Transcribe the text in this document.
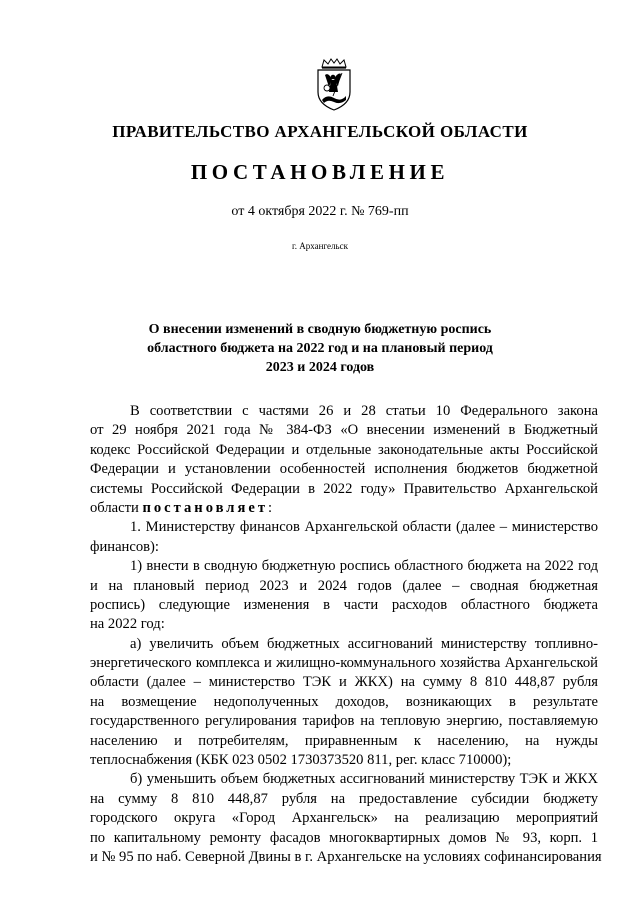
ПРАВИТЕЛЬСТВО АРХАНГЕЛЬСКОЙ ОБЛАСТИ
ПОСТАНОВЛЕНИЕ
от 4 октября 2022 г. № 769-пп
г. Архангельск
О внесении изменений в сводную бюджетную роспись
областного бюджета на 2022 год и на плановый период
2023 и 2024 годов
В соответствии с частями 26 и 28 статьи 10 Федерального закона
от 29 ноября 2021 года № 384-ФЗ «О внесении изменений в Бюджетный
кодекс Российской Федерации и отдельные законодательные акты Российской
Федерации и установлении особенностей исполнения бюджетов бюджетной
системы Российской Федерации в 2022 году» Правительство Архангельской
области постановляет:
1. Министерству финансов Архангельской области (далее – министерство
финансов):
1) внести в сводную бюджетную роспись областного бюджета на 2022 год
и на плановый период 2023 и 2024 годов (далее – сводная бюджетная
роспись) следующие изменения в части расходов областного бюджета
на 2022 год:
а) увеличить объем бюджетных ассигнований министерству топливно-
энергетического комплекса и жилищно-коммунального хозяйства Архангельской
области (далее – министерство ТЭК и ЖКХ) на сумму 8 810 448,87 рубля
на возмещение недополученных доходов, возникающих в результате
государственного регулирования тарифов на тепловую энергию, поставляемую
населению и потребителям, приравненным к населению, на нужды
теплоснабжения (КБК 023 0502 1730373520 811, рег. класс 710000);
б) уменьшить объем бюджетных ассигнований министерству ТЭК и ЖКХ
на сумму 8 810 448,87 рубля на предоставление субсидии бюджету
городского округа «Город Архангельск» на реализацию мероприятий
по капитальному ремонту фасадов многоквартирных домов № 93, корп. 1
и № 95 по наб. Северной Двины в г. Архангельске на условиях софинансирования
